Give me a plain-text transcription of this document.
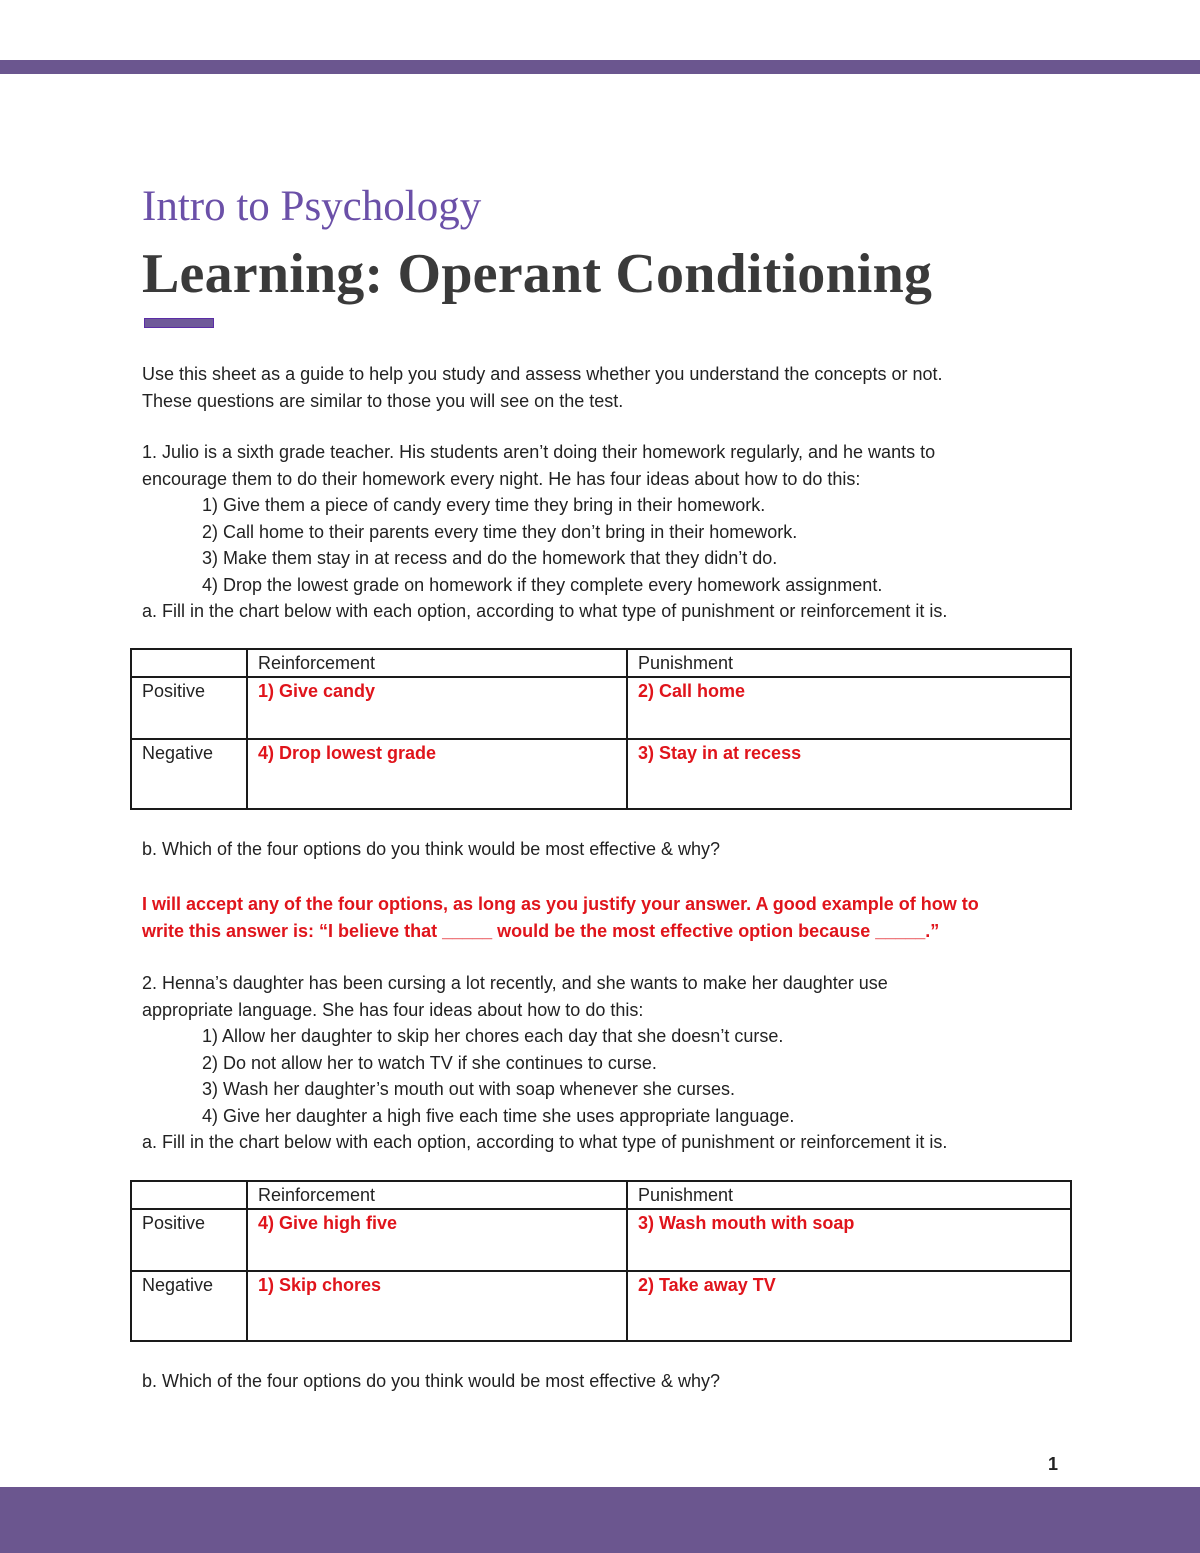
Intro to Psychology
Learning: Operant Conditioning

Use this sheet as a guide to help you study and assess whether you understand the concepts or not.

These questions are similar to those you will see on the test.

1. Julio is a sixth grade teacher. His students aren’t doing their homework regularly, and he wants to

encourage them to do their homework every night. He has four ideas about how to do this:

1) Give them a piece of candy every time they bring in their homework.

2) Call home to their parents every time they don’t bring in their homework.

3) Make them stay in at recess and do the homework that they didn’t do.

4) Drop the lowest grade on homework if they complete every homework assignment.

a. Fill in the chart below with each option, according to what type of punishment or reinforcement it is.

	Reinforcement	Punishment
Positive	1) Give candy	2) Call home
Negative	4) Drop lowest grade	3) Stay in at recess
b. Which of the four options do you think would be most effective & why?

I will accept any of the four options, as long as you justify your answer. A good example of how to

write this answer is: “I believe that _____ would be the most effective option because _____.”

2. Henna’s daughter has been cursing a lot recently, and she wants to make her daughter use

appropriate language. She has four ideas about how to do this:

1) Allow her daughter to skip her chores each day that she doesn’t curse.

2) Do not allow her to watch TV if she continues to curse.

3) Wash her daughter’s mouth out with soap whenever she curses.

4) Give her daughter a high five each time she uses appropriate language.

a. Fill in the chart below with each option, according to what type of punishment or reinforcement it is.

	Reinforcement	Punishment
Positive	4) Give high five	3) Wash mouth with soap
Negative	1) Skip chores	2) Take away TV
b. Which of the four options do you think would be most effective & why?
1
